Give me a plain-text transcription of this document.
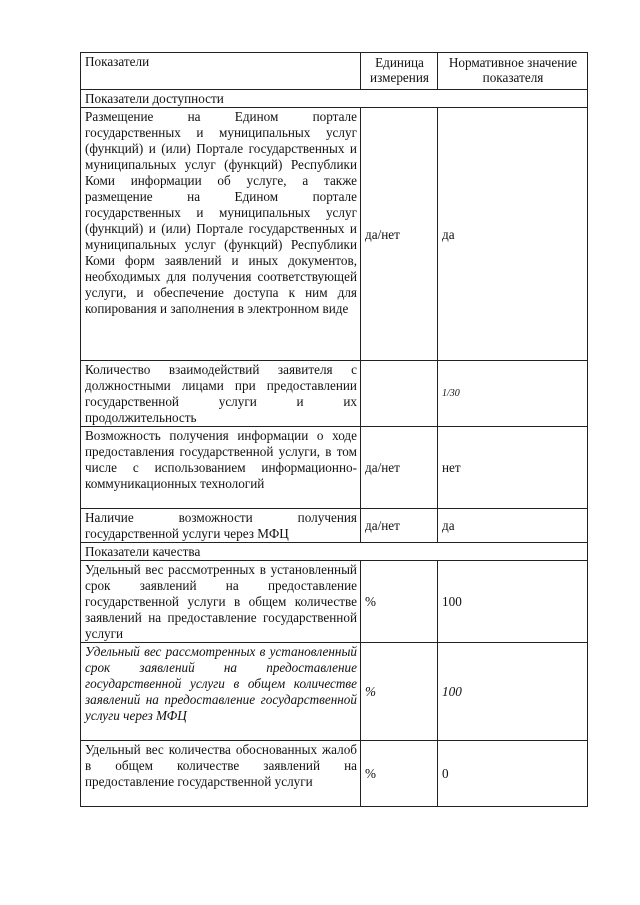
Показатели	Единица измерения	Нормативное значение показателя
Показатели доступности		
Размещение на Едином портале государственных и муниципальных услуг (функций) и (или) Портале государственных и муниципальных услуг (функций) Республики Коми информации об услуге, а также размещение на Едином портале государственных и муниципальных услуг (функций) и (или) Портале государственных и муниципальных услуг (функций) Республики Коми форм заявлений и иных документов, необходимых для получения соответствующей услуги, и обеспечение доступа к ним для копирования и заполнения в электронном виде	да/нет	да
Количество взаимодействий заявителя с должностными лицами при предоставлении государственной услуги и их продолжительность		1/30
Возможность получения информации о ходе предоставления государственной услуги, в том числе с использованием информационно-коммуникационных технологий	да/нет	нет
Наличие возможности получения государственной услуги через МФЦ	да/нет	да
Показатели качества		
Удельный вес рассмотренных в установленный срок заявлений на предоставление государственной услуги в общем количестве заявлений на предоставление государственной услуги	%	100
Удельный вес рассмотренных в установленный срок заявлений на предоставление государственной услуги в общем количестве заявлений на предоставление государственной услуги через МФЦ	%	100
Удельный вес количества обоснованных жалоб в общем количестве заявлений на предоставление государственной услуги	%	0
